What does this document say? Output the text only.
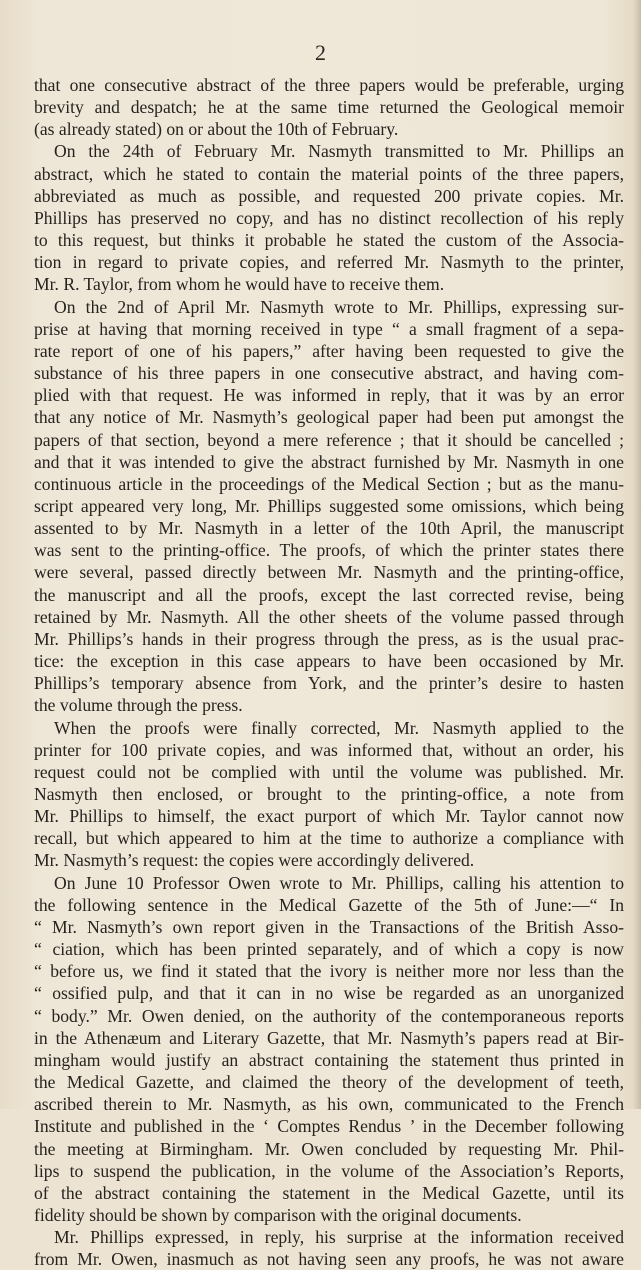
2
that one consecutive abstract of the three papers would be preferable, urging
brevity and despatch; he at the same time returned the Geological memoir
(as already stated) on or about the 10th of February.
On the 24th of February Mr. Nasmyth transmitted to Mr. Phillips an
abstract, which he stated to contain the material points of the three papers,
abbreviated as much as possible, and requested 200 private copies. Mr.
Phillips has preserved no copy, and has no distinct recollection of his reply
to this request, but thinks it probable he stated the custom of the Associa-
tion in regard to private copies, and referred Mr. Nasmyth to the printer,
Mr. R. Taylor, from whom he would have to receive them.
On the 2nd of April Mr. Nasmyth wrote to Mr. Phillips, expressing sur-
prise at having that morning received in type “ a small fragment of a sepa-
rate report of one of his papers,” after having been requested to give the
substance of his three papers in one consecutive abstract, and having com-
plied with that request. He was informed in reply, that it was by an error
that any notice of Mr. Nasmyth’s geological paper had been put amongst the
papers of that section, beyond a mere reference ; that it should be cancelled ;
and that it was intended to give the abstract furnished by Mr. Nasmyth in one
continuous article in the proceedings of the Medical Section ; but as the manu-
script appeared very long, Mr. Phillips suggested some omissions, which being
assented to by Mr. Nasmyth in a letter of the 10th April, the manuscript
was sent to the printing-office. The proofs, of which the printer states there
were several, passed directly between Mr. Nasmyth and the printing-office,
the manuscript and all the proofs, except the last corrected revise, being
retained by Mr. Nasmyth. All the other sheets of the volume passed through
Mr. Phillips’s hands in their progress through the press, as is the usual prac-
tice: the exception in this case appears to have been occasioned by Mr.
Phillips’s temporary absence from York, and the printer’s desire to hasten
the volume through the press.
When the proofs were finally corrected, Mr. Nasmyth applied to the
printer for 100 private copies, and was informed that, without an order, his
request could not be complied with until the volume was published. Mr.
Nasmyth then enclosed, or brought to the printing-office, a note from
Mr. Phillips to himself, the exact purport of which Mr. Taylor cannot now
recall, but which appeared to him at the time to authorize a compliance with
Mr. Nasmyth’s request: the copies were accordingly delivered.
On June 10 Professor Owen wrote to Mr. Phillips, calling his attention to
the following sentence in the Medical Gazette of the 5th of June:—“ In
“ Mr. Nasmyth’s own report given in the Transactions of the British Asso-
“ ciation, which has been printed separately, and of which a copy is now
“ before us, we find it stated that the ivory is neither more nor less than the
“ ossified pulp, and that it can in no wise be regarded as an unorganized
“ body.” Mr. Owen denied, on the authority of the contemporaneous reports
in the Athenæum and Literary Gazette, that Mr. Nasmyth’s papers read at Bir-
mingham would justify an abstract containing the statement thus printed in
the Medical Gazette, and claimed the theory of the development of teeth,
ascribed therein to Mr. Nasmyth, as his own, communicated to the French
Institute and published in the ‘ Comptes Rendus ’ in the December following
the meeting at Birmingham. Mr. Owen concluded by requesting Mr. Phil-
lips to suspend the publication, in the volume of the Association’s Reports,
of the abstract containing the statement in the Medical Gazette, until its
fidelity should be shown by comparison with the original documents.
Mr. Phillips expressed, in reply, his surprise at the information received
from Mr. Owen, inasmuch as not having seen any proofs, he was not aware
